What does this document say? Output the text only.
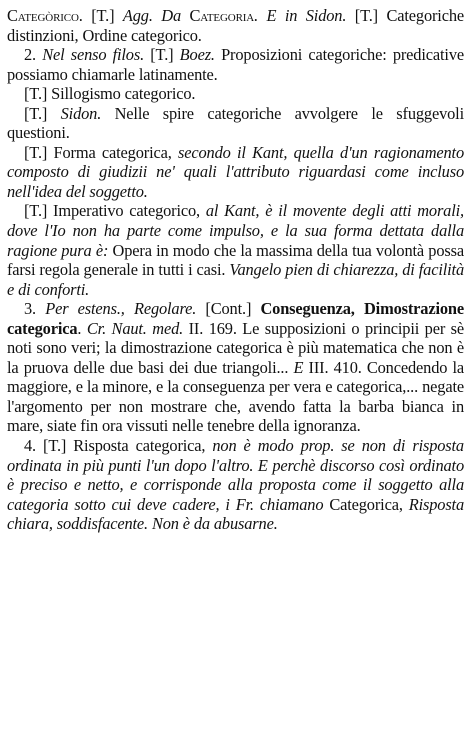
Categòrico. [T.] Agg. Da Categoria. E in Sidon. [T.] Categoriche distinzioni, Ordine categorico.

2. Nel senso filos. [T.] Boez. Proposizioni categoriche: predicative possiamo chiamarle latinamente.

[T.] Sillogismo categorico.

[T.] Sidon. Nelle spire categoriche avvolgere le sfuggevoli questioni.

[T.] Forma categorica, secondo il Kant, quella d'un ragionamento composto di giudizii ne' quali l'attributo riguardasi come incluso nell'idea del soggetto.

[T.] Imperativo categorico, al Kant, è il movente degli atti morali, dove l'Io non ha parte come impulso, e la sua forma dettata dalla ragione pura è: Opera in modo che la massima della tua volontà possa farsi regola generale in tutti i casi. Vangelo pien di chiarezza, di facilità e di conforti.

3. Per estens., Regolare. [Cont.] Conseguenza, Dimostrazione categorica. Cr. Naut. med. II. 169. Le supposizioni o principii per sè noti sono veri; la dimostrazione categorica è più matematica che non è la pruova delle due basi dei due triangoli... E III. 410. Concedendo la maggiore, e la minore, e la conseguenza per vera e categorica,... negate l'argomento per non mostrare che, avendo fatta la barba bianca in mare, siate fin ora vissuti nelle tenebre della ignoranza.

4. [T.] Risposta categorica, non è modo prop. se non di risposta ordinata in più punti l'un dopo l'altro. E perchè discorso così ordinato è preciso e netto, e corrisponde alla proposta come il soggetto alla categoria sotto cui deve cadere, i Fr. chiamano Categorica, Risposta chiara, soddisfacente. Non è da abusarne.
